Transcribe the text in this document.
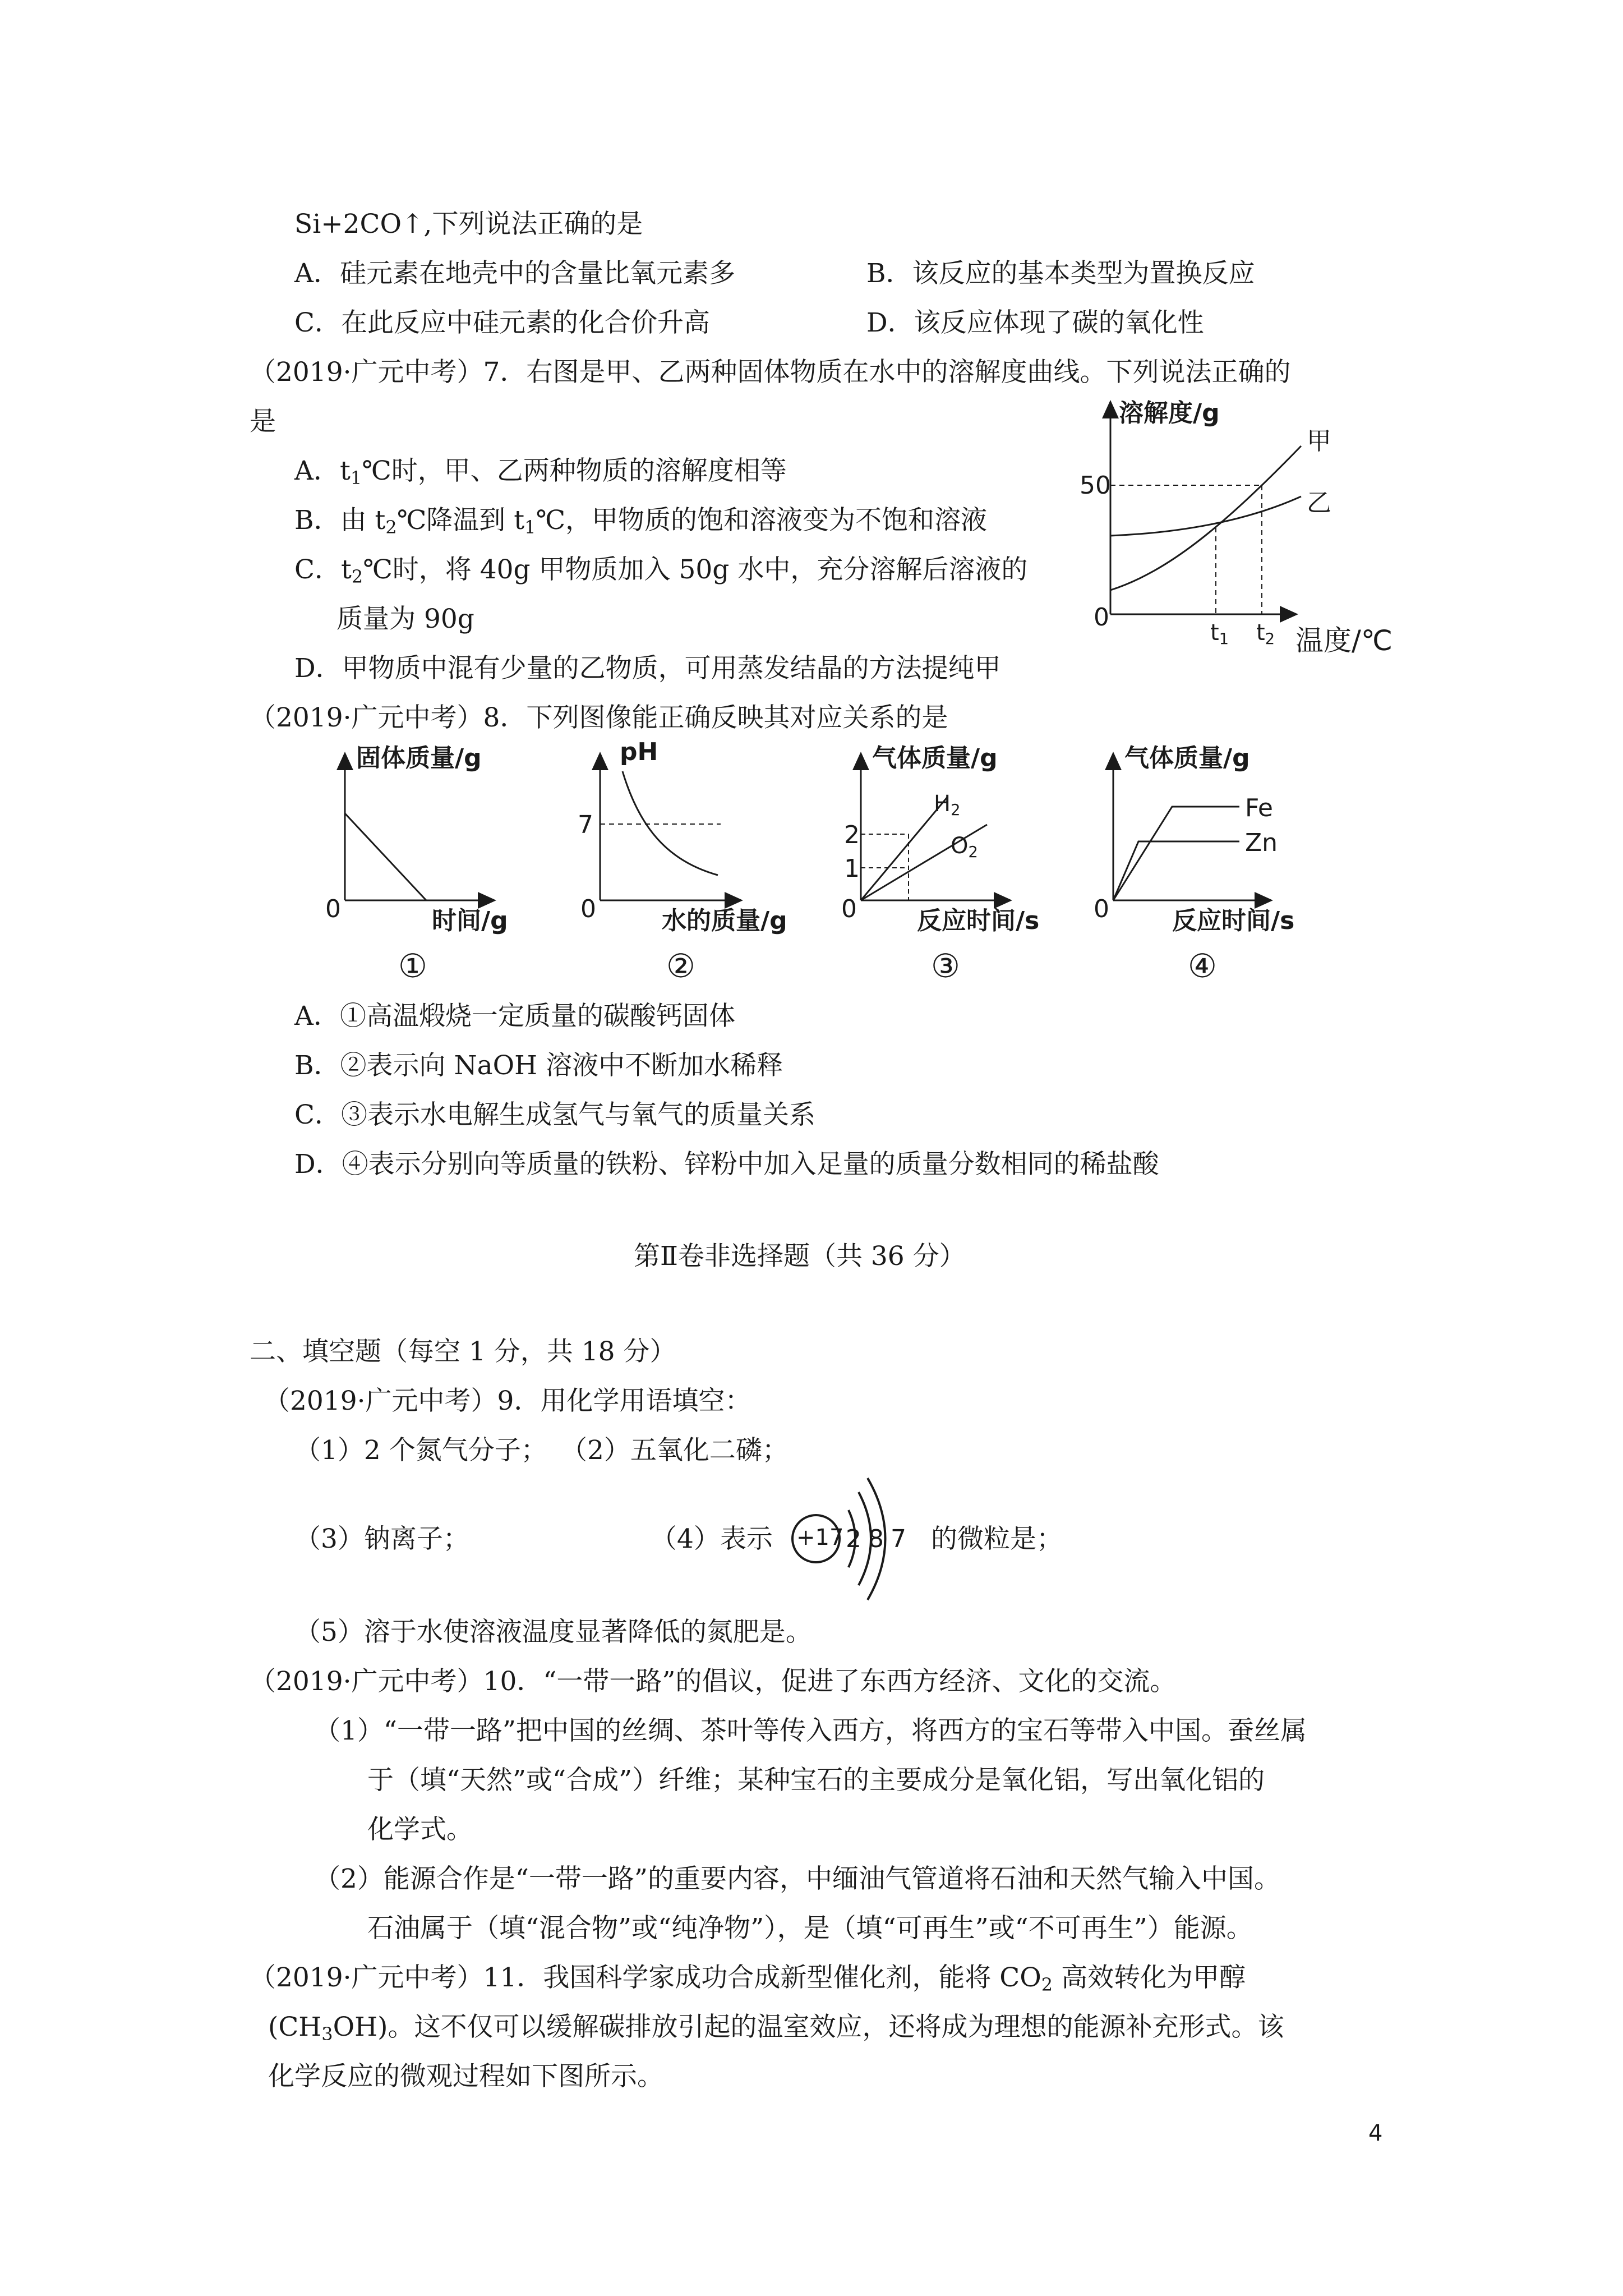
Si+2CO↑,下列说法正确的是
A．硅元素在地壳中的含量比氧元素多	B．该反应的基本类型为置换反应
C．在此反应中硅元素的化合价升高	D．该反应体现了碳的氧化性
（2019·广元中考）7．右图是甲、乙两种固体物质在水中的溶解度曲线。下列说法正确的
是
A．$t_1℃$时，甲、乙两种物质的溶解度相等
B．由 $t_2℃$降温到 $t_1℃$，甲物质的饱和溶液变为不饱和溶液
C．$t_2℃$时，将 40g 甲物质加入 50g 水中，充分溶解后溶液的
质量为 90g
D．甲物质中混有少量的乙物质，可用蒸发结晶的方法提纯甲
溶解度/g
50
0
$t_1$ $t_2$ 温度/℃
甲
乙
（2019·广元中考）8．下列图像能正确反映其对应关系的是
固体质量/g
0	时间/g
①
pH
7
0	水的质量/g
②
气体质量/g
2
1
0
$H_2$
$O_2$
反应时间/s
③
气体质量/g
0
Fe
Zn
反应时间/s
④
A．①高温煅烧一定质量的碳酸钙固体
B．②表示向 NaOH 溶液中不断加水稀释
C．③表示水电解生成氢气与氧气的质量关系
D．④表示分别向等质量的铁粉、锌粉中加入足量的质量分数相同的稀盐酸
第Ⅱ卷非选择题（共 36 分）
二、填空题（每空 1 分，共 18 分）
（2019·广元中考）9．用化学用语填空：
（1）2 个氮气分子； （2）五氧化二磷；
（3）钠离子；	（4）表示 +17 2 8 7 的微粒是；
（5）溶于水使溶液温度显著降低的氮肥是。
（2019·广元中考）10．“一带一路”的倡议，促进了东西方经济、文化的交流。
（1）“一带一路”把中国的丝绸、茶叶等传入西方，将西方的宝石等带入中国。蚕丝属
于（填“天然”或“合成”）纤维；某种宝石的主要成分是氧化铝，写出氧化铝的
化学式。
（2）能源合作是“一带一路”的重要内容，中缅油气管道将石油和天然气输入中国。
石油属于（填“混合物”或“纯净物”），是（填“可再生”或“不可再生”）能源。
（2019·广元中考）11．我国科学家成功合成新型催化剂，能将 $CO_2$ 高效转化为甲醇
$(CH_3OH)$。这不仅可以缓解碳排放引起的温室效应，还将成为理想的能源补充形式。该
化学反应的微观过程如下图所示。
4
